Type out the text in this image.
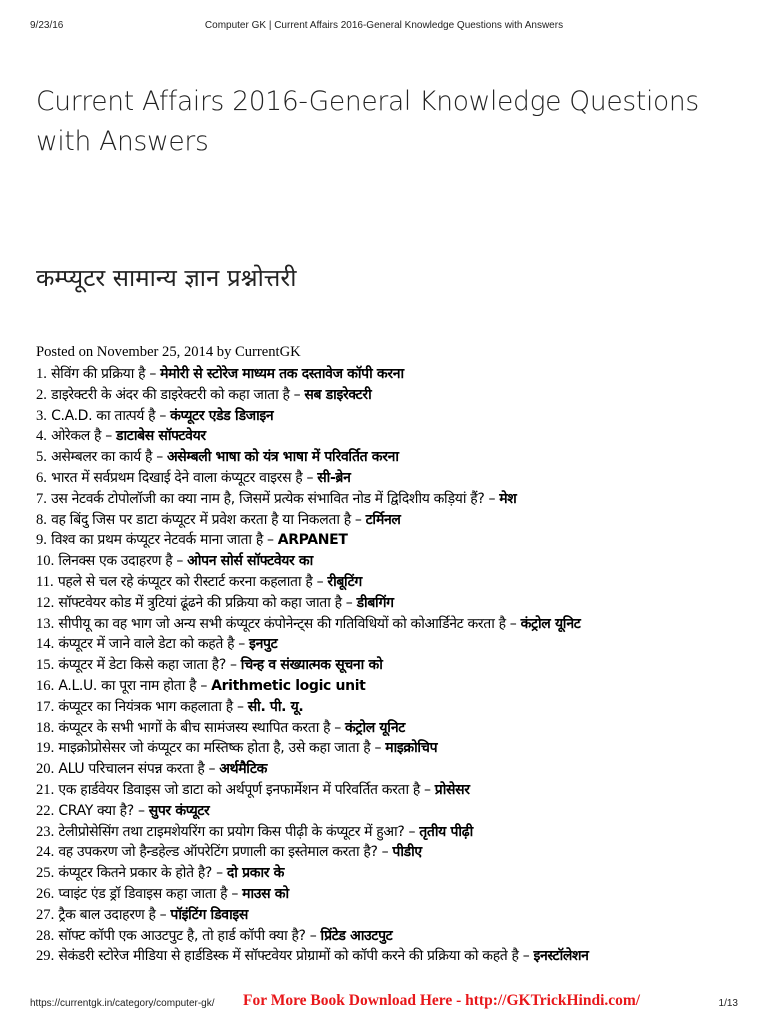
9/23/16	Computer GK | Current Affairs 2016-General Knowledge Questions with Answers
Current Affairs 2016-General Knowledge Questions with Answers
कम्प्यूटर सामान्य ज्ञान प्रश्नोत्तरी
Posted on November 25, 2014 by CurrentGK
1. सेविंग की प्रक्रिया है – मेमोरी से स्टोरेज माध्यम तक दस्तावेज कॉपी करना
2. डाइरेक्टरी के अंदर की डाइरेक्टरी को कहा जाता है – सब डाइरेक्टरी
3. C.A.D. का तात्पर्य है – कंप्यूटर एडेड डिजाइन
4. ओरेकल है – डाटाबेस सॉफ्टवेयर
5. असेम्बलर का कार्य है – असेम्बली भाषा को यंत्र भाषा में परिवर्तित करना
6. भारत में सर्वप्रथम दिखाई देने वाला कंप्यूटर वाइरस है – सी-ब्रेन
7. उस नेटवर्क टोपोलॉजी का क्या नाम है, जिसमें प्रत्येक संभावित नोड में द्विदिशीय कड़ियां हैं? – मेश
8. वह बिंदु जिस पर डाटा कंप्यूटर में प्रवेश करता है या निकलता है – टर्मिनल
9. विश्व का प्रथम कंप्यूटर नेटवर्क माना जाता है – ARPANET
10. लिनक्स एक उदाहरण है – ओपन सोर्स सॉफ्टवेयर का
11. पहले से चल रहे कंप्यूटर को रीस्टार्ट करना कहलाता है – रीबूटिंग
12. सॉफ्टवेयर कोड में त्रुटियां ढूंढने की प्रक्रिया को कहा जाता है – डीबगिंग
13. सीपीयू का वह भाग जो अन्य सभी कंप्यूटर कंपोनेन्ट्स की गतिविधियों को कोआर्डिनेट करता है – कंट्रोल यूनिट
14. कंप्यूटर में जाने वाले डेटा को कहते है – इनपुट
15. कंप्यूटर में डेटा किसे कहा जाता है? – चिन्ह व संख्यात्मक सूचना को
16. A.L.U. का पूरा नाम होता है – Arithmetic logic unit
17. कंप्यूटर का नियंत्रक भाग कहलाता है – सी. पी. यू.
18. कंप्यूटर के सभी भागों के बीच सामंजस्य स्थापित करता है – कंट्रोल यूनिट
19. माइक्रोप्रोसेसर जो कंप्यूटर का मस्तिष्क होता है, उसे कहा जाता है – माइक्रोचिप
20. ALU परिचालन संपन्न करता है – अर्थमैटिक
21. एक हार्डवेयर डिवाइस जो डाटा को अर्थपूर्ण इनफार्मेशन में परिवर्तित करता है – प्रोसेसर
22. CRAY क्या है? – सुपर कंप्यूटर
23. टेलीप्रोसेसिंग तथा टाइमशेयरिंग का प्रयोग किस पीढ़ी के कंप्यूटर में हुआ? – तृतीय पीढ़ी
24. वह उपकरण जो हैन्डहेल्ड ऑपरेटिंग प्रणाली का इस्तेमाल करता है? – पीडीए
25. कंप्यूटर कितने प्रकार के होते है? – दो प्रकार के
26. प्वाइंट एंड ड्रॉ डिवाइस कहा जाता है – माउस को
27. ट्रैक बाल उदाहरण है – पॉइंटिंग डिवाइस
28. सॉफ्ट कॉपी एक आउटपुट है, तो हार्ड कॉपी क्या है? – प्रिंटेड आउटपुट
29. सेकंडरी स्टोरेज मीडिया से हार्डडिस्क में सॉफ्टवेयर प्रोग्रामों को कॉपी करने की प्रक्रिया को कहते है – इनस्टॉलेशन
https://currentgk.in/category/computer-gk/ For More Book Download Here - http://GKTrickHindi.com/	1/13
